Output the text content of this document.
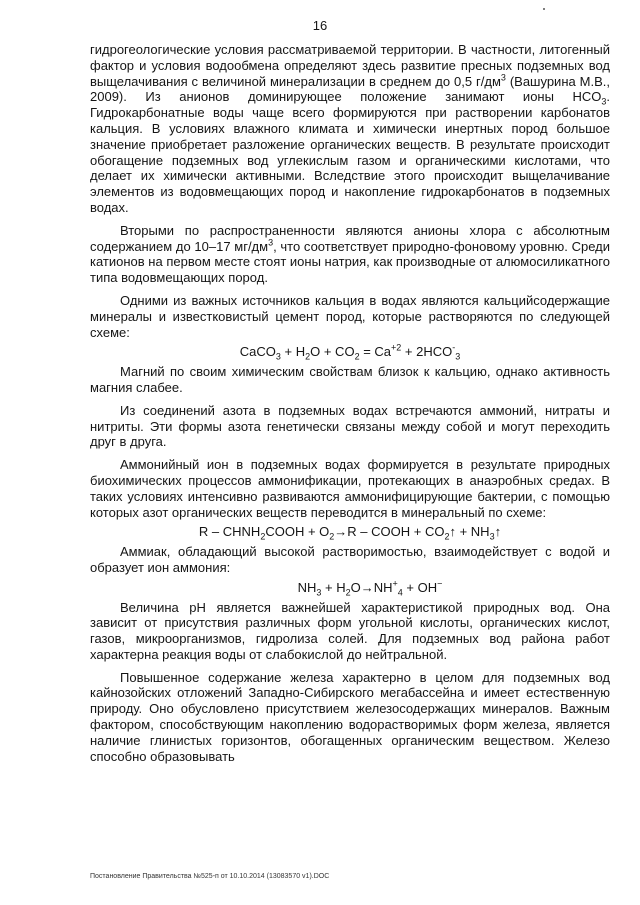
16

гидрогеологические условия рассматриваемой территории. В частности, литогенный фактор и условия водообмена определяют здесь развитие пресных подземных вод выщелачивания с величиной минерализации в среднем до 0,5 $г/дм^3$ (Вашурина М.В., 2009). Из анионов доминирующее положение занимают ионы $HCO_3$. Гидрокарбонатные воды чаще всего формируются при растворении карбонатов кальция. В условиях влажного климата и химически инертных пород большое значение приобретает разложение органических веществ. В результате происходит обогащение подземных вод углекислым газом и органическими кислотами, что делает их химически активными. Вследствие этого происходит выщелачивание элементов из водовмещающих пород и накопление гидрокарбонатов в подземных водах.

Вторыми по распространенности являются анионы хлора с абсолютным содержанием до 10–17 $мг/дм^3$, что соответствует природно-фоновому уровню. Среди катионов на первом месте стоят ионы натрия, как производные от алюмосиликатного типа водовмещающих пород.

Одними из важных источников кальция в водах являются кальцийсодержащие минералы и известковистый цемент пород, которые растворяются по следующей схеме:

CaCO$_3$ + $H_2O + CO_2 = Ca^{+2} + 2HCO^-_3$

Магний по своим химическим свойствам близок к кальцию, однако активность магния слабее.

Из соединений азота в подземных водах встречаются аммоний, нитраты и нитриты. Эти формы азота генетически связаны между собой и могут переходить друг в друга.

Аммонийный ион в подземных водах формируется в результате природных биохимических процессов аммонификации, протекающих в анаэробных средах. В таких условиях интенсивно развиваются аммонифицирующие бактерии, с помощью которых азот органических веществ переводится в минеральный по схеме:

$R - CHNH_2COOH + O_2\to R$ – COOH + $CO_2↑$ + $NH_3↑$

Аммиак, обладающий высокой растворимостью, взаимодействует с водой и образует ион аммония:

$NH_3 + H_2O\to NH^+_4 + OH^-$

Величина pH является важнейшей характеристикой природных вод. Она зависит от присутствия различных форм угольной кислоты, органических кислот, газов, микроорганизмов, гидролиза солей. Для подземных вод района работ характерна реакция воды от слабокислой до нейтральной.

Повышенное содержание железа характерно в целом для подземных вод кайнозойских отложений Западно-Сибирского мегабассейна и имеет естественную природу. Оно обусловлено присутствием железосодержащих минералов. Важным фактором, способствующим накоплению водорастворимых форм железа, является наличие глинистых горизонтов, обогащенных органическим веществом. Железо способно образовывать

Постановление Правительства №525-п от 10.10.2014 (13083570 v1).DOC
